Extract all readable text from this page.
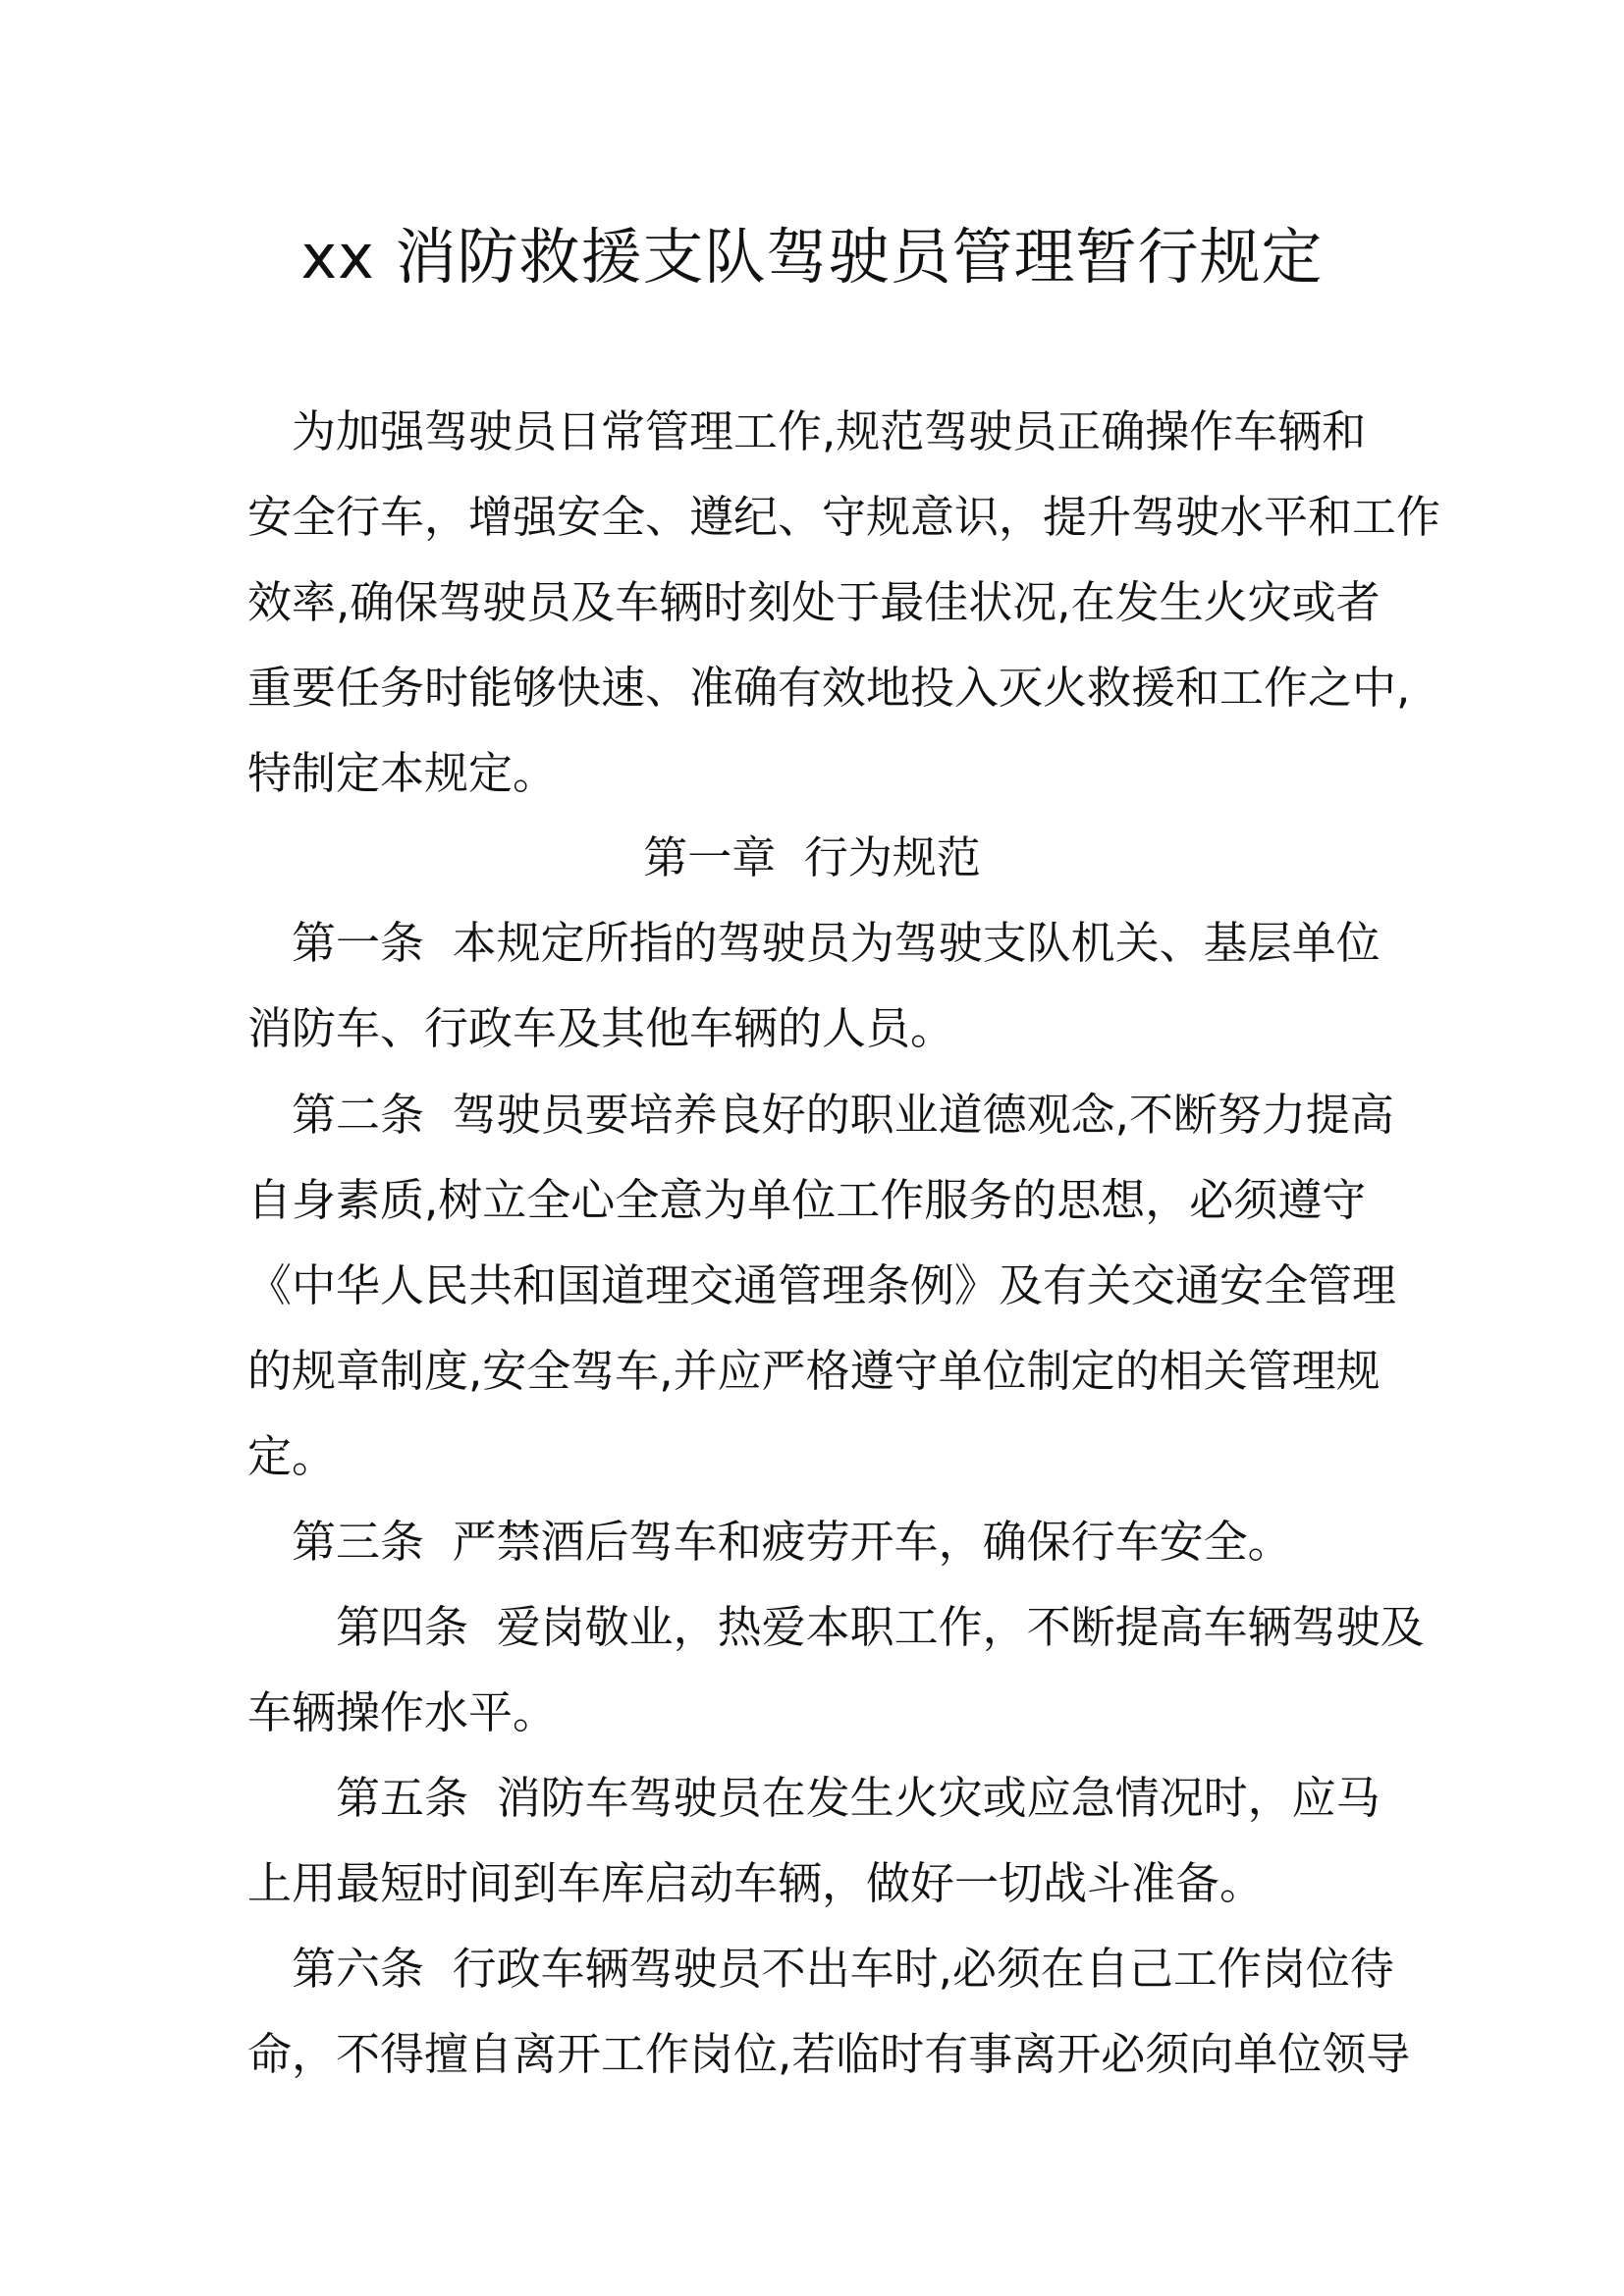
xx 消防救援支队驾驶员管理暂行规定

　为加强驾驶员日常管理工作,规范驾驶员正确操作车辆和

安全行车，增强安全、遵纪、守规意识，提升驾驶水平和工作

效率,确保驾驶员及车辆时刻处于最佳状况,在发生火灾或者

重要任务时能够快速、准确有效地投入灭火救援和工作之中,

特制定本规定。

第一章  行为规范

　第一条  本规定所指的驾驶员为驾驶支队机关、基层单位

消防车、行政车及其他车辆的人员。

　第二条  驾驶员要培养良好的职业道德观念,不断努力提高

自身素质,树立全心全意为单位工作服务的思想，必须遵守

《中华人民共和国道理交通管理条例》及有关交通安全管理

的规章制度,安全驾车,并应严格遵守单位制定的相关管理规

定。

　第三条  严禁酒后驾车和疲劳开车，确保行车安全。

　　第四条  爱岗敬业，热爱本职工作，不断提高车辆驾驶及

车辆操作水平。

　　第五条  消防车驾驶员在发生火灾或应急情况时，应马

上用最短时间到车库启动车辆，做好一切战斗准备。

　第六条  行政车辆驾驶员不出车时,必须在自己工作岗位待

命，不得擅自离开工作岗位,若临时有事离开必须向单位领导
